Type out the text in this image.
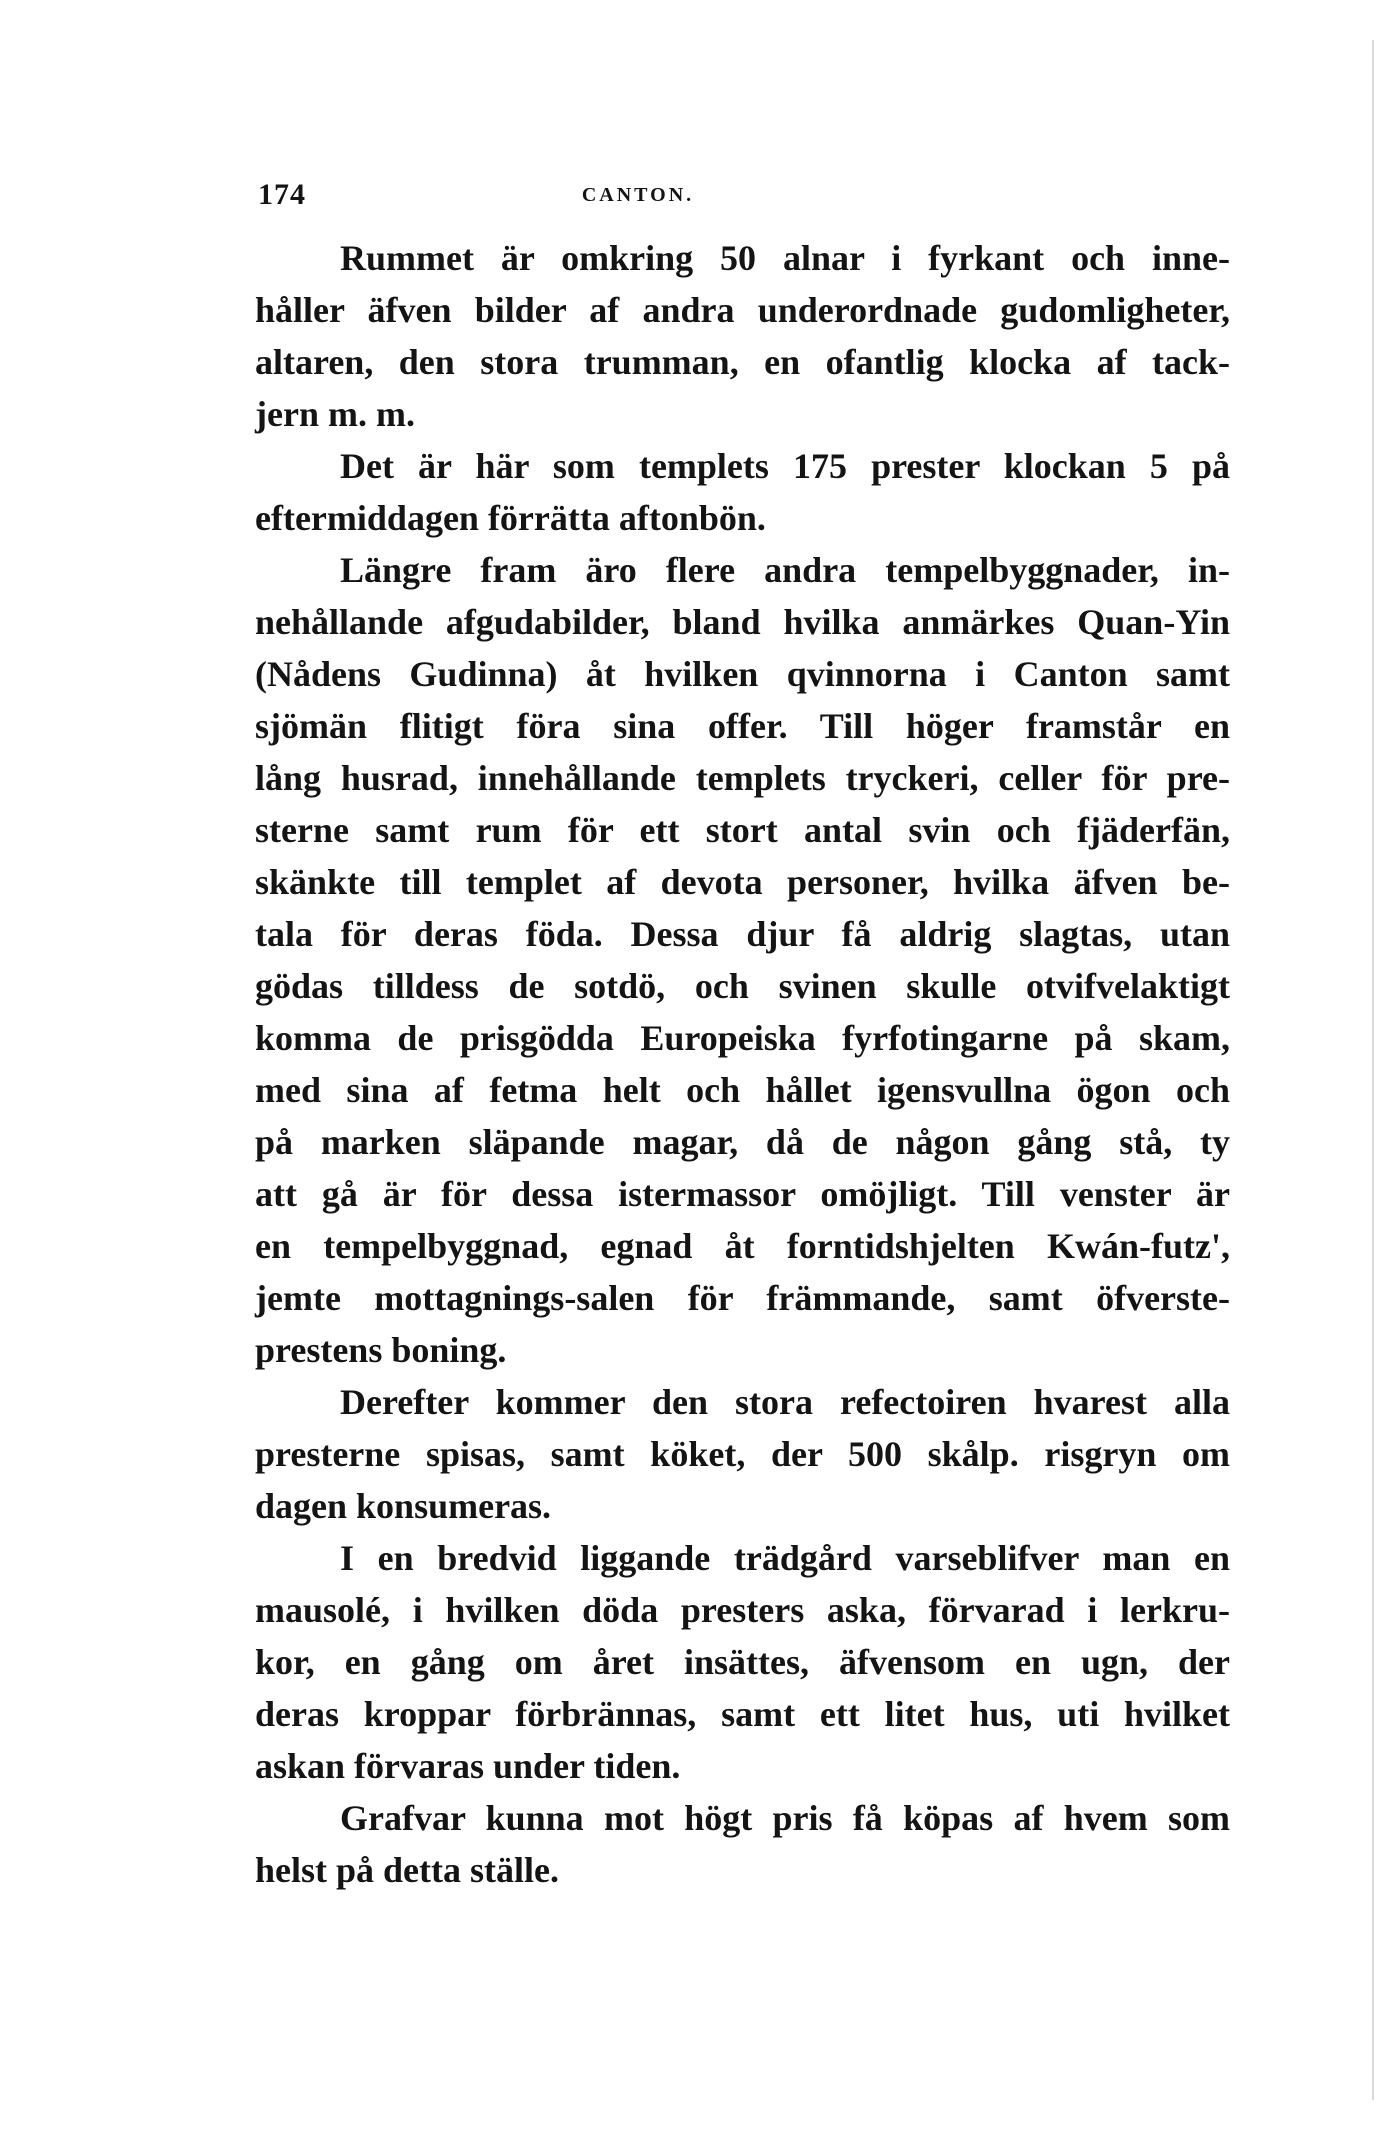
174	CANTON.
Rummet är omkring 50 alnar i fyrkant och inne-
håller äfven bilder af andra underordnade gudomligheter,
altaren, den stora trumman, en ofantlig klocka af tack-
jern m. m.
Det är här som templets 175 prester klockan 5 på
eftermiddagen förrätta aftonbön.
Längre fram äro flere andra tempelbyggnader, in-
nehållande afgudabilder, bland hvilka anmärkes Quan-Yin
(Nådens Gudinna) åt hvilken qvinnorna i Canton samt
sjömän flitigt föra sina offer. Till höger framstår en
lång husrad, innehållande templets tryckeri, celler för pre-
sterne samt rum för ett stort antal svin och fjäderfän,
skänkte till templet af devota personer, hvilka äfven be-
tala för deras föda. Dessa djur få aldrig slagtas, utan
gödas tilldess de sotdö, och svinen skulle otvifvelaktigt
komma de prisgödda Europeiska fyrfotingarne på skam,
med sina af fetma helt och hållet igensvullna ögon och
på marken släpande magar, då de någon gång stå, ty
att gå är för dessa istermassor omöjligt. Till venster är
en tempelbyggnad, egnad åt forntidshjelten Kwán-futz',
jemte mottagnings-salen för främmande, samt öfverste-
prestens boning.
Derefter kommer den stora refectoiren hvarest alla
presterne spisas, samt köket, der 500 skålp. risgryn om
dagen konsumeras.
I en bredvid liggande trädgård varseblifver man en
mausolé, i hvilken döda presters aska, förvarad i lerkru-
kor, en gång om året insättes, äfvensom en ugn, der
deras kroppar förbrännas, samt ett litet hus, uti hvilket
askan förvaras under tiden.
Grafvar kunna mot högt pris få köpas af hvem som
helst på detta ställe.
